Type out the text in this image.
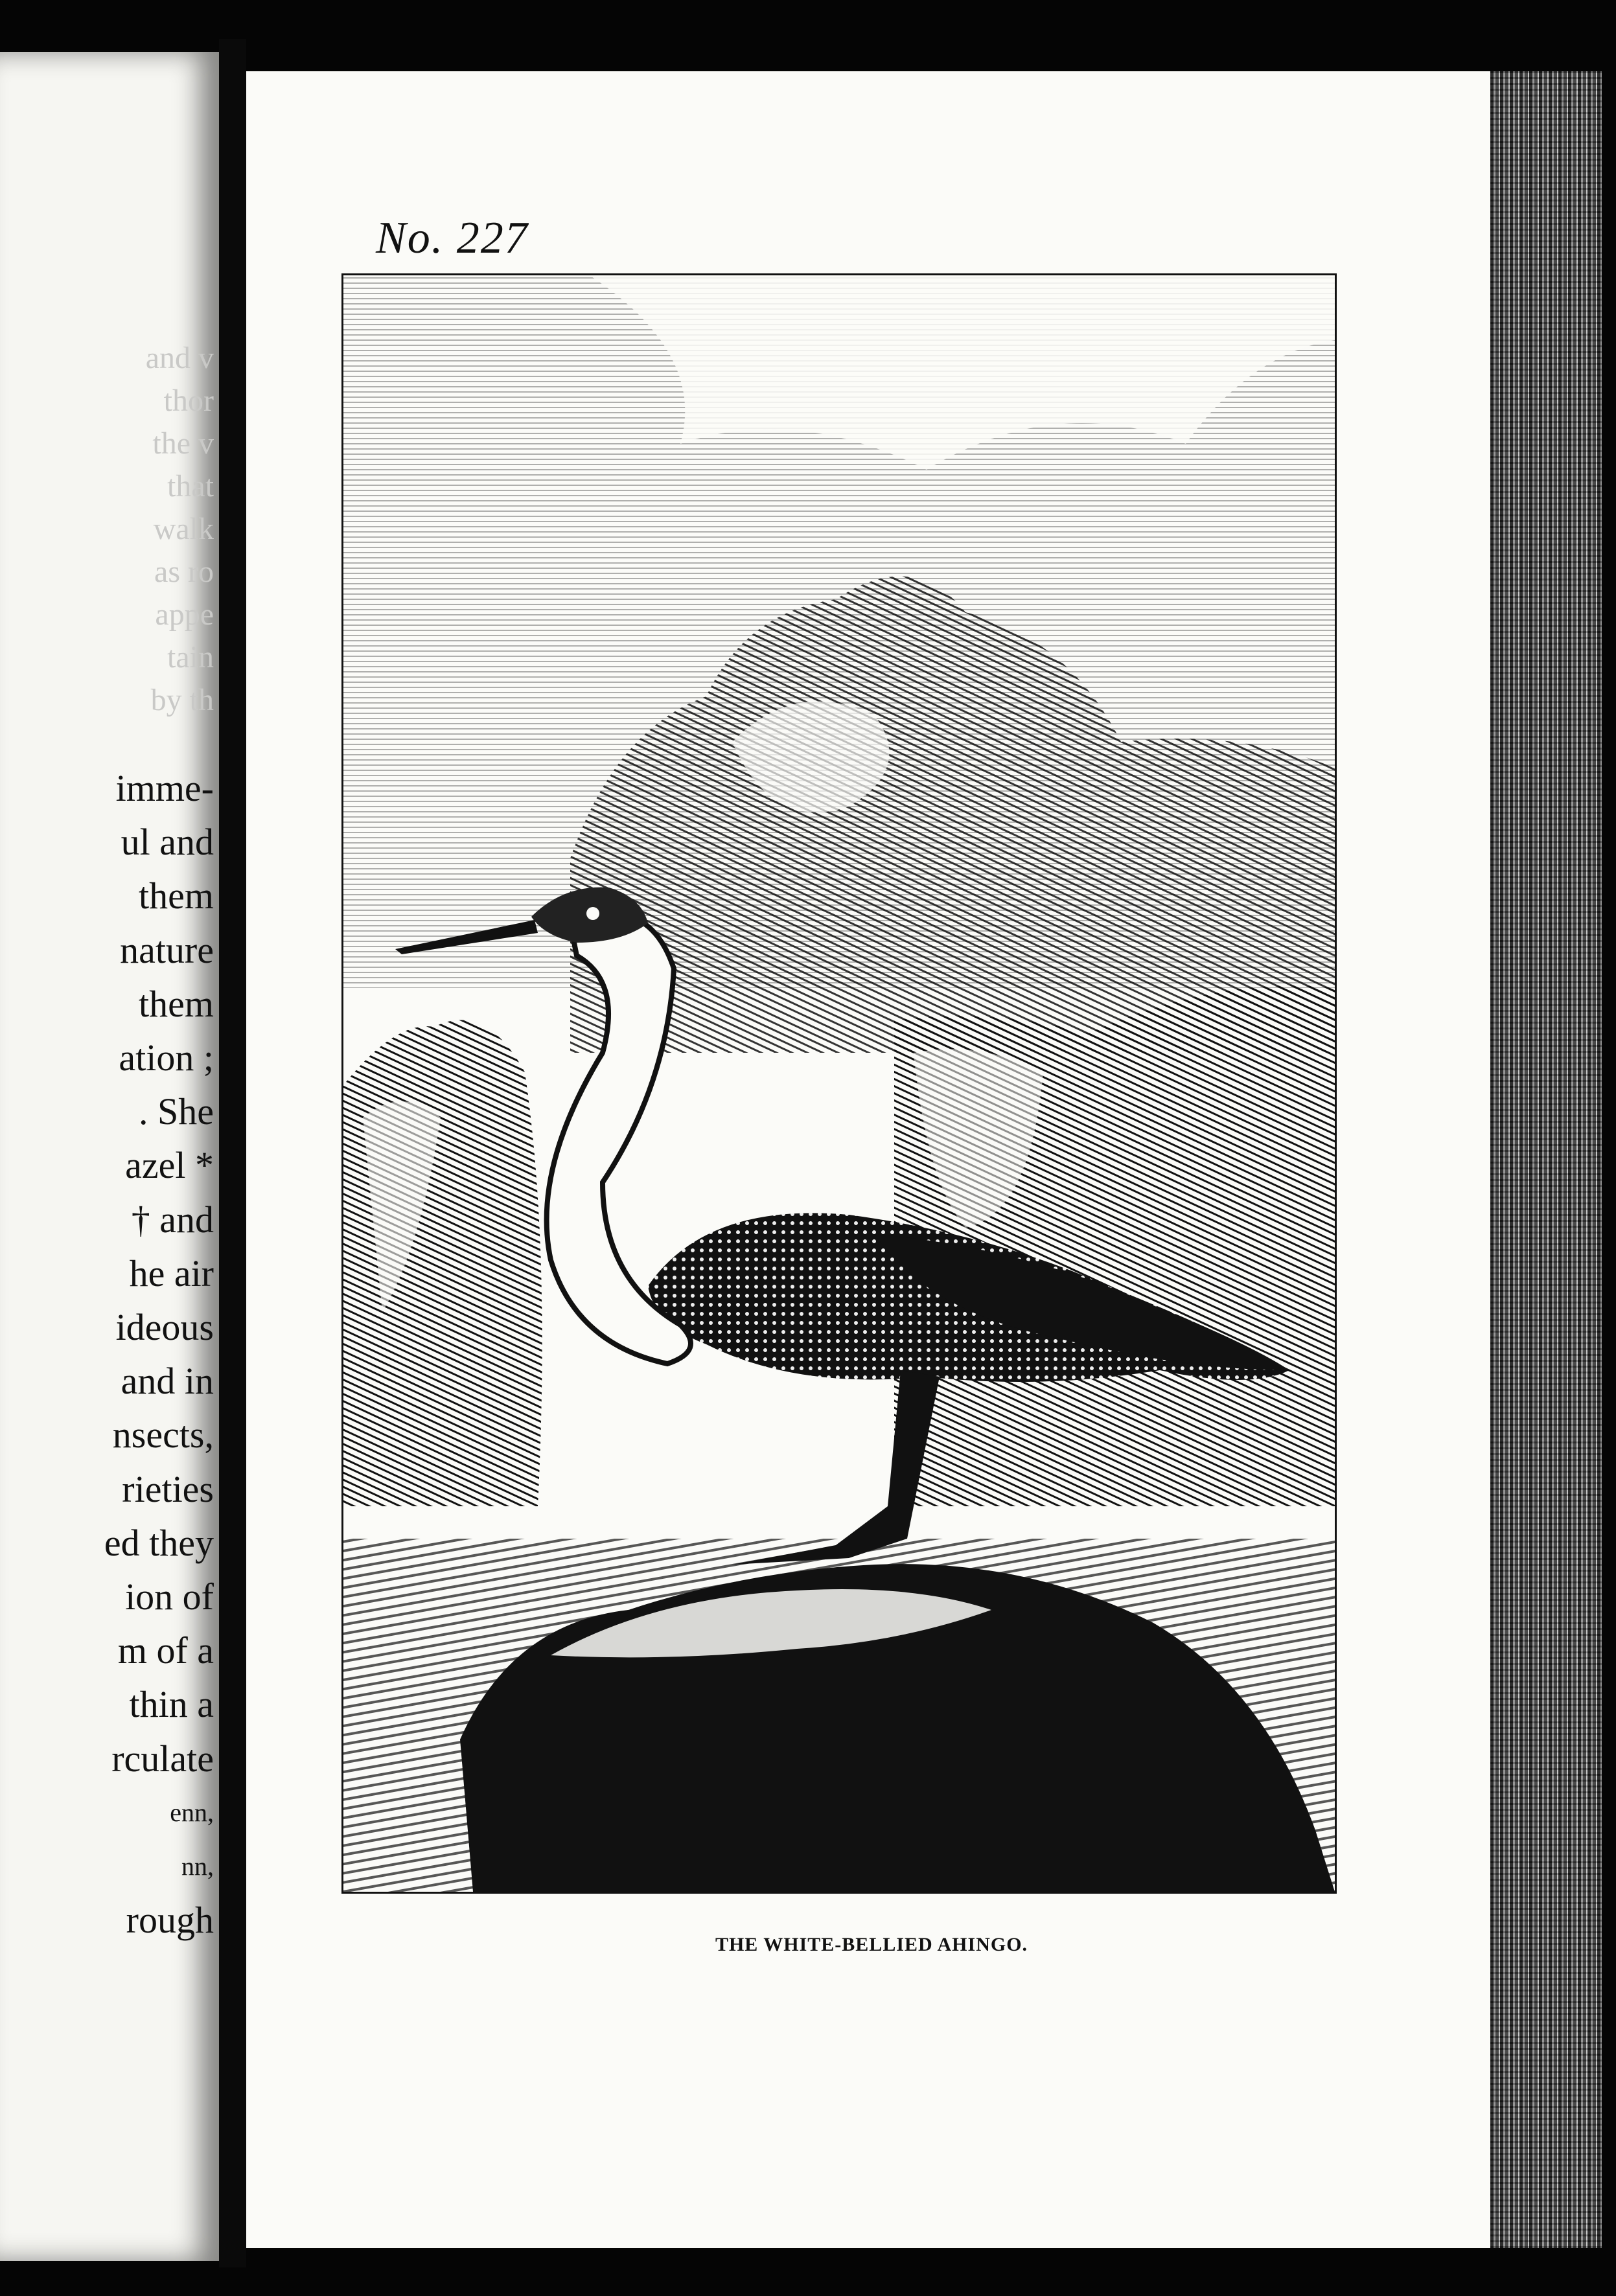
and v
thor
the v
that
walk
as ro
appe
tain
by th
imme-
ul and
them
nature
them
ation ;
. She
azel *
† and
he air
ideous
and in
nsects,
rieties
ed they
ion of
m of a
thin a
rculate
enn,
nn,
rough
No. 227
THE WHITE-BELLIED AHINGO.
